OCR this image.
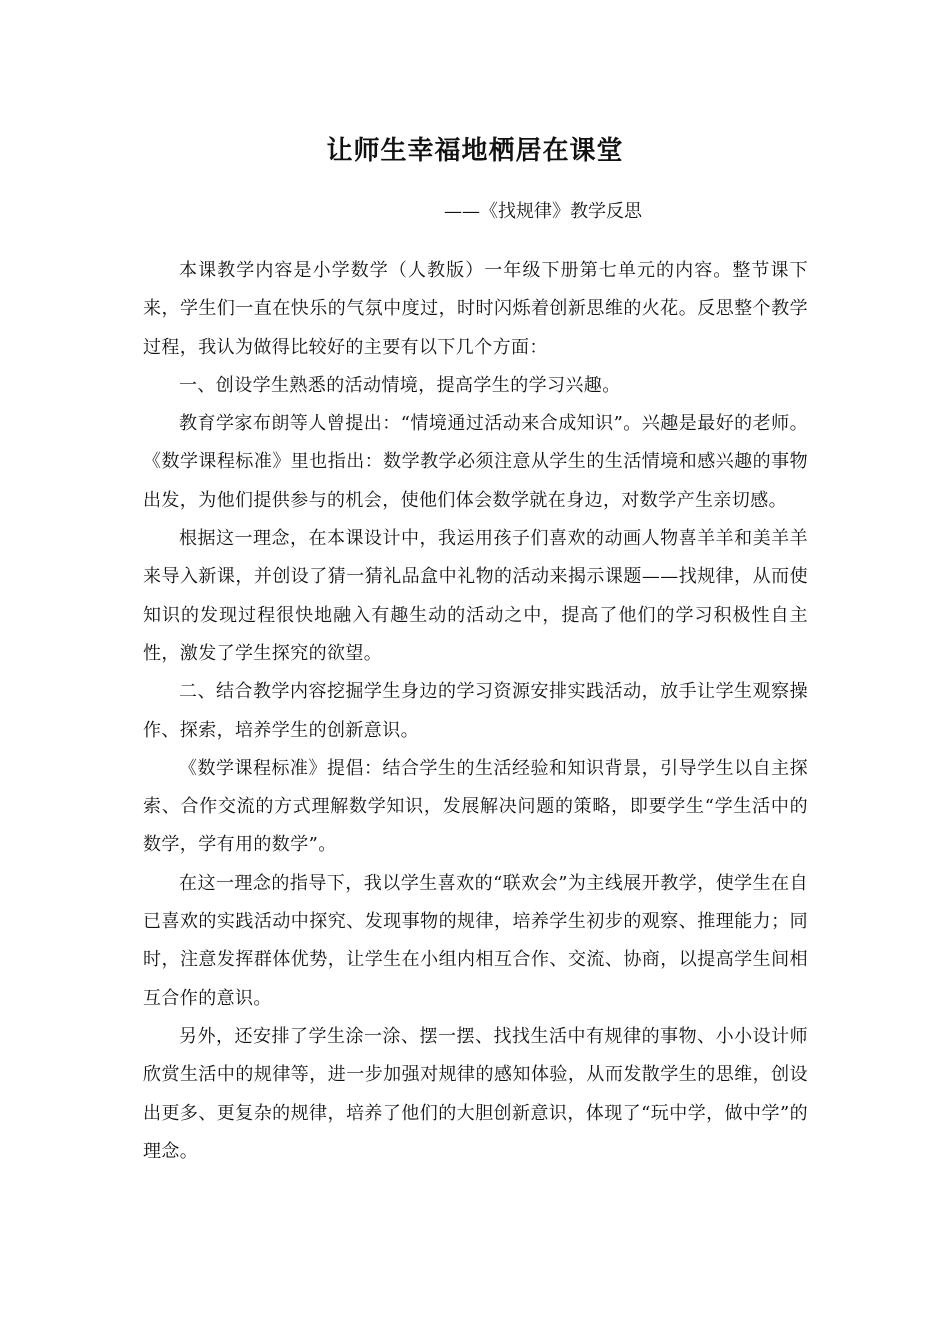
让师生幸福地栖居在课堂

——《找规律》教学反思

本课教学内容是小学数学（人教版）一年级下册第七单元的内容。整节课下来，学生们一直在快乐的气氛中度过，时时闪烁着创新思维的火花。反思整个教学过程，我认为做得比较好的主要有以下几个方面：

一、创设学生熟悉的活动情境，提高学生的学习兴趣。

教育学家布朗等人曾提出：“情境通过活动来合成知识”。兴趣是最好的老师。《数学课程标准》里也指出：数学教学必须注意从学生的生活情境和感兴趣的事物出发，为他们提供参与的机会，使他们体会数学就在身边，对数学产生亲切感。

根据这一理念，在本课设计中，我运用孩子们喜欢的动画人物喜羊羊和美羊羊来导入新课，并创设了猜一猜礼品盒中礼物的活动来揭示课题——找规律，从而使知识的发现过程很快地融入有趣生动的活动之中，提高了他们的学习积极性自主性，激发了学生探究的欲望。

二、结合教学内容挖掘学生身边的学习资源安排实践活动，放手让学生观察操作、探索，培养学生的创新意识。

《数学课程标准》提倡：结合学生的生活经验和知识背景，引导学生以自主探索、合作交流的方式理解数学知识，发展解决问题的策略，即要学生“学生活中的数学，学有用的数学”。

在这一理念的指导下，我以学生喜欢的“联欢会”为主线展开教学，使学生在自已喜欢的实践活动中探究、发现事物的规律，培养学生初步的观察、推理能力；同时，注意发挥群体优势，让学生在小组内相互合作、交流、协商，以提高学生间相互合作的意识。

另外，还安排了学生涂一涂、摆一摆、找找生活中有规律的事物、小小设计师欣赏生活中的规律等，进一步加强对规律的感知体验，从而发散学生的思维，创设出更多、更复杂的规律，培养了他们的大胆创新意识，体现了“玩中学，做中学”的理念。
